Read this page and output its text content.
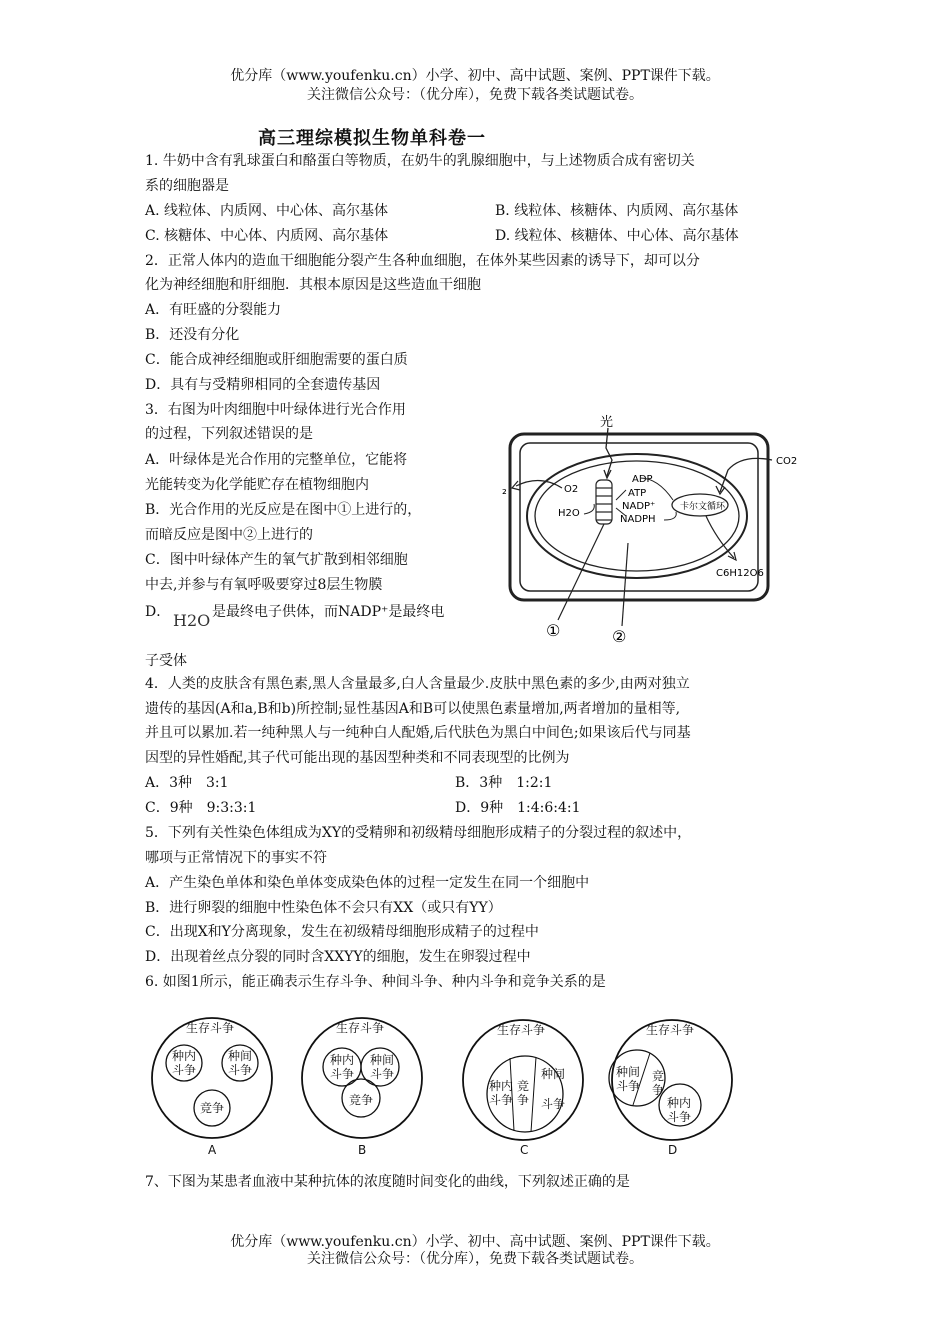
优分库（www.youfenku.cn）小学、初中、高中试题、案例、PPT课件下载。
关注微信公众号：（优分库），免费下载各类试题试卷。
高三理综模拟生物单科卷一
1. 牛奶中含有乳球蛋白和酪蛋白等物质，在奶牛的乳腺细胞中，与上述物质合成有密切关
系的细胞器是
A. 线粒体、内质网、中心体、高尔基体	B. 线粒体、核糖体、内质网、高尔基体
C. 核糖体、中心体、内质网、高尔基体	D. 线粒体、核糖体、中心体、高尔基体
2．正常人体内的造血干细胞能分裂产生各种血细胞，在体外某些因素的诱导下，却可以分
化为神经细胞和肝细胞．其根本原因是这些造血干细胞
A．有旺盛的分裂能力
B．还没有分化
C．能合成神经细胞或肝细胞需要的蛋白质
D．具有与受精卵相同的全套遗传基因
3．右图为叶肉细胞中叶绿体进行光合作用
的过程，下列叙述错误的是
A．叶绿体是光合作用的完整单位，它能将
光能转变为化学能贮存在植物细胞内
B．光合作用的光反应是在图中①上进行的，
而暗反应是图中②上进行的
C．图中叶绿体产生的氧气扩散到相邻细胞
中去,并参与有氧呼吸要穿过8层生物膜
D． H2O 是最终电子供体，而NADP⁺是最终电
子受体
光
CO2
ADP
ATP
NADP⁺
NADPH
卡尔文循环
O2
H2O
₂
C6H12O6
①	②
4．人类的皮肤含有黑色素,黑人含量最多,白人含量最少.皮肤中黑色素的多少,由两对独立
遗传的基因(A和a,B和b)所控制;显性基因A和B可以使黑色素量增加,两者增加的量相等,
并且可以累加.若一纯种黑人与一纯种白人配婚,后代肤色为黑白中间色;如果该后代与同基
因型的异性婚配,其子代可能出现的基因型种类和不同表现型的比例为
A．3种　3:1	B．3种　1:2:1
C．9种　9:3:3:1	D．9种　1:4:6:4:1
5．下列有关性染色体组成为XY的受精卵和初级精母细胞形成精子的分裂过程的叙述中，
哪项与正常情况下的事实不符
A．产生染色单体和染色单体变成染色体的过程一定发生在同一个细胞中
B．进行卵裂的细胞中性染色体不会只有XX（或只有YY）
C．出现X和Y分离现象，发生在初级精母细胞形成精子的过程中
D．出现着丝点分裂的同时含XXYY的细胞，发生在卵裂过程中
6. 如图1所示，能正确表示生存斗争、种间斗争、种内斗争和竞争关系的是
生存斗争
种内
斗争
种间
斗争
竞争
A
生存斗争
种内
斗争
种间
斗争
竞争
B
生存斗争
种内
斗争
竞
争
种间
斗争
C
生存斗争
种间
斗争
竞
争
种内
斗争
D
7、下图为某患者血液中某种抗体的浓度随时间变化的曲线，下列叙述正确的是
优分库（www.youfenku.cn）小学、初中、高中试题、案例、PPT课件下载。
关注微信公众号：（优分库），免费下载各类试题试卷。
